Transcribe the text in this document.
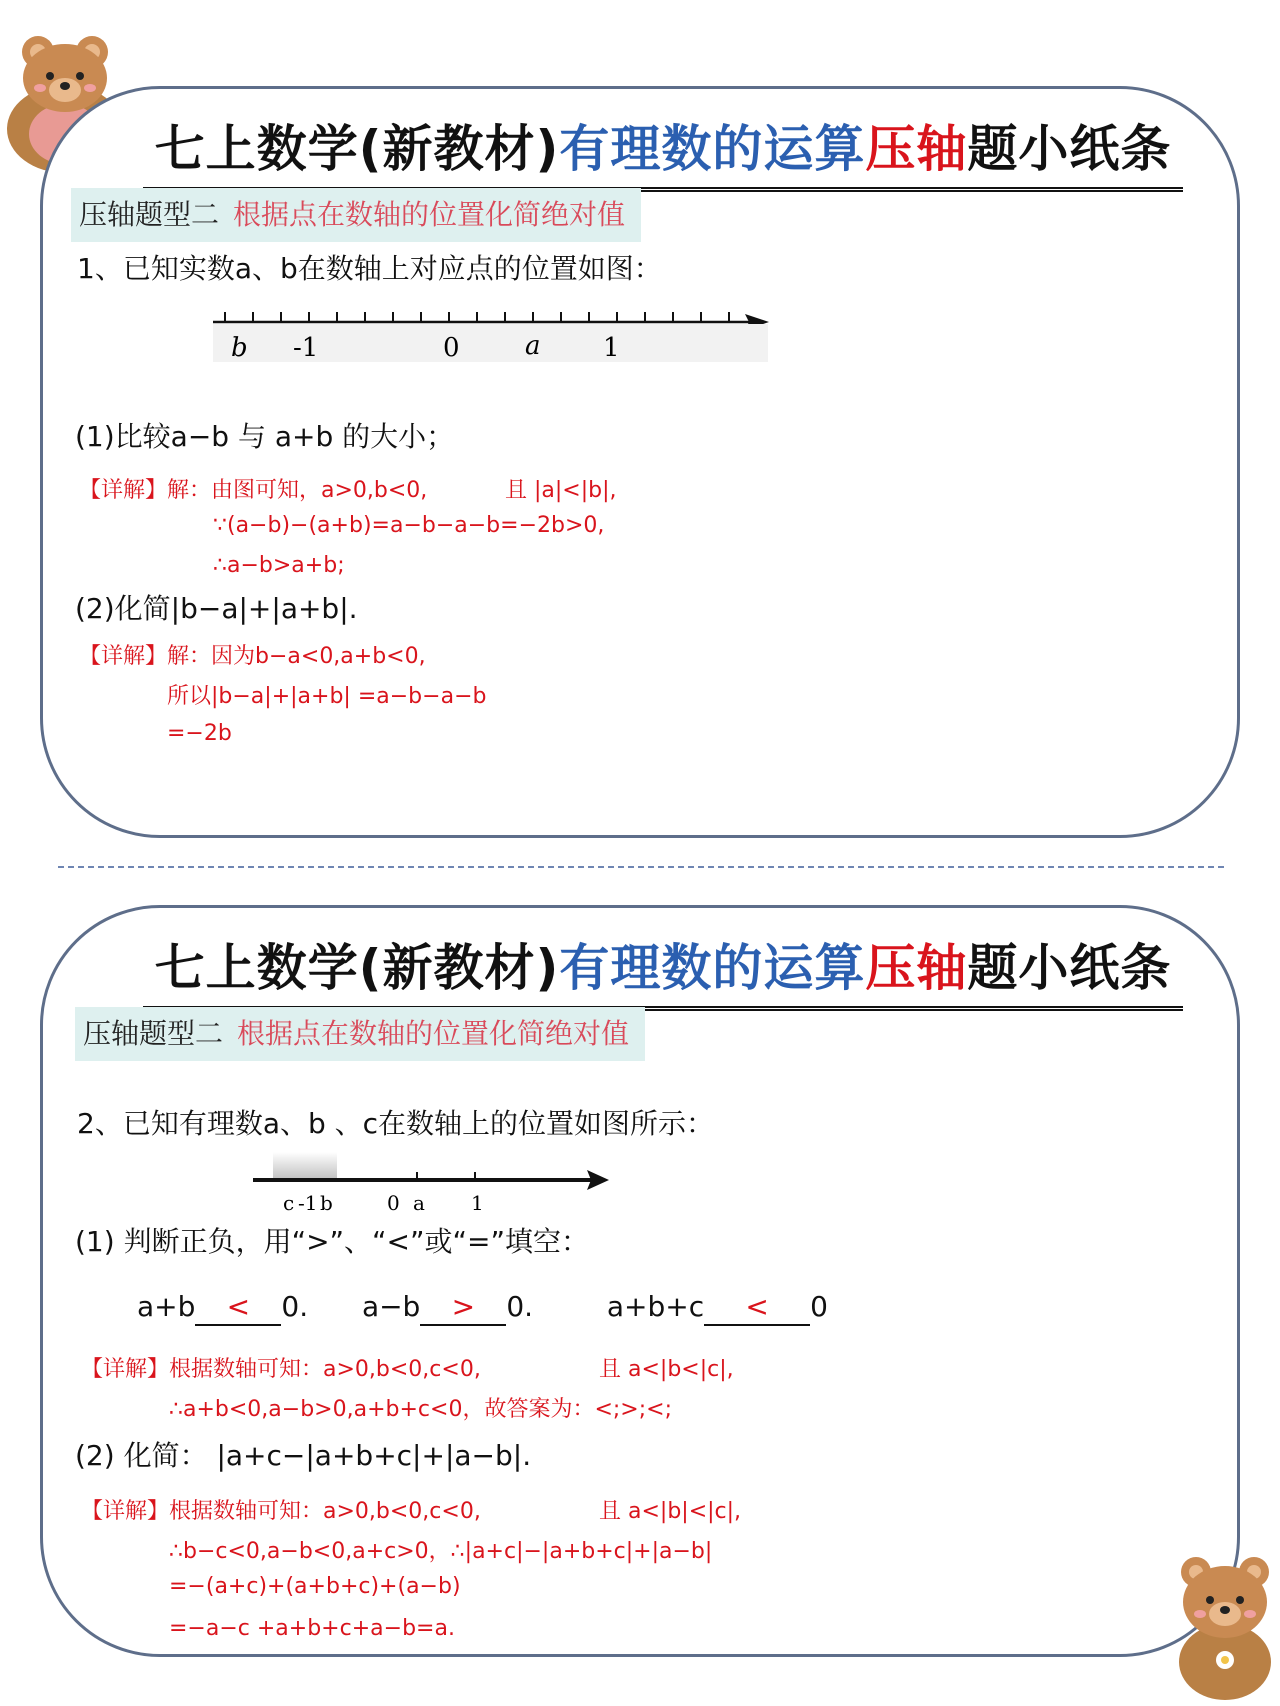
七上数学(新教材)有理数的运算压轴题小纸条
压轴题型二 根据点在数轴的位置化简绝对值
1、已知实数a、b在数轴上对应点的位置如图：
b -1	0	a 1
(1)比较a−b 与 a+b 的大小；
【详解】解：由图可知，a>0,b<0,	且 |a|<|b|,
∵(a−b)−(a+b)=a−b−a−b=−2b>0,
∴a−b>a+b;
(2)化简|b−a|+|a+b|.
【详解】解：因为b−a<0,a+b<0,
所以|b−a|+|a+b| =a−b−a−b
=−2b
七上数学(新教材)有理数的运算压轴题小纸条
压轴题型二 根据点在数轴的位置化简绝对值
2、已知有理数a、b 、c在数轴上的位置如图所示：
c -1 b	0 a 1
(1) 判断正负，用“>”、“<”或“=”填空：
a+b < 0. a−b > 0.	a+b+c < 0
【详解】根据数轴可知：a>0,b<0,c<0,	且 a<|b<|c|,
∴a+b<0,a−b>0,a+b+c<0，故答案为：<;>;<;
(2) 化简： |a+c−|a+b+c|+|a−b|.
【详解】根据数轴可知：a>0,b<0,c<0,	且 a<|b|<|c|,
∴b−c<0,a−b<0,a+c>0，∴|a+c|−|a+b+c|+|a−b|
=−(a+c)+(a+b+c)+(a−b)
=−a−c +a+b+c+a−b=a.
